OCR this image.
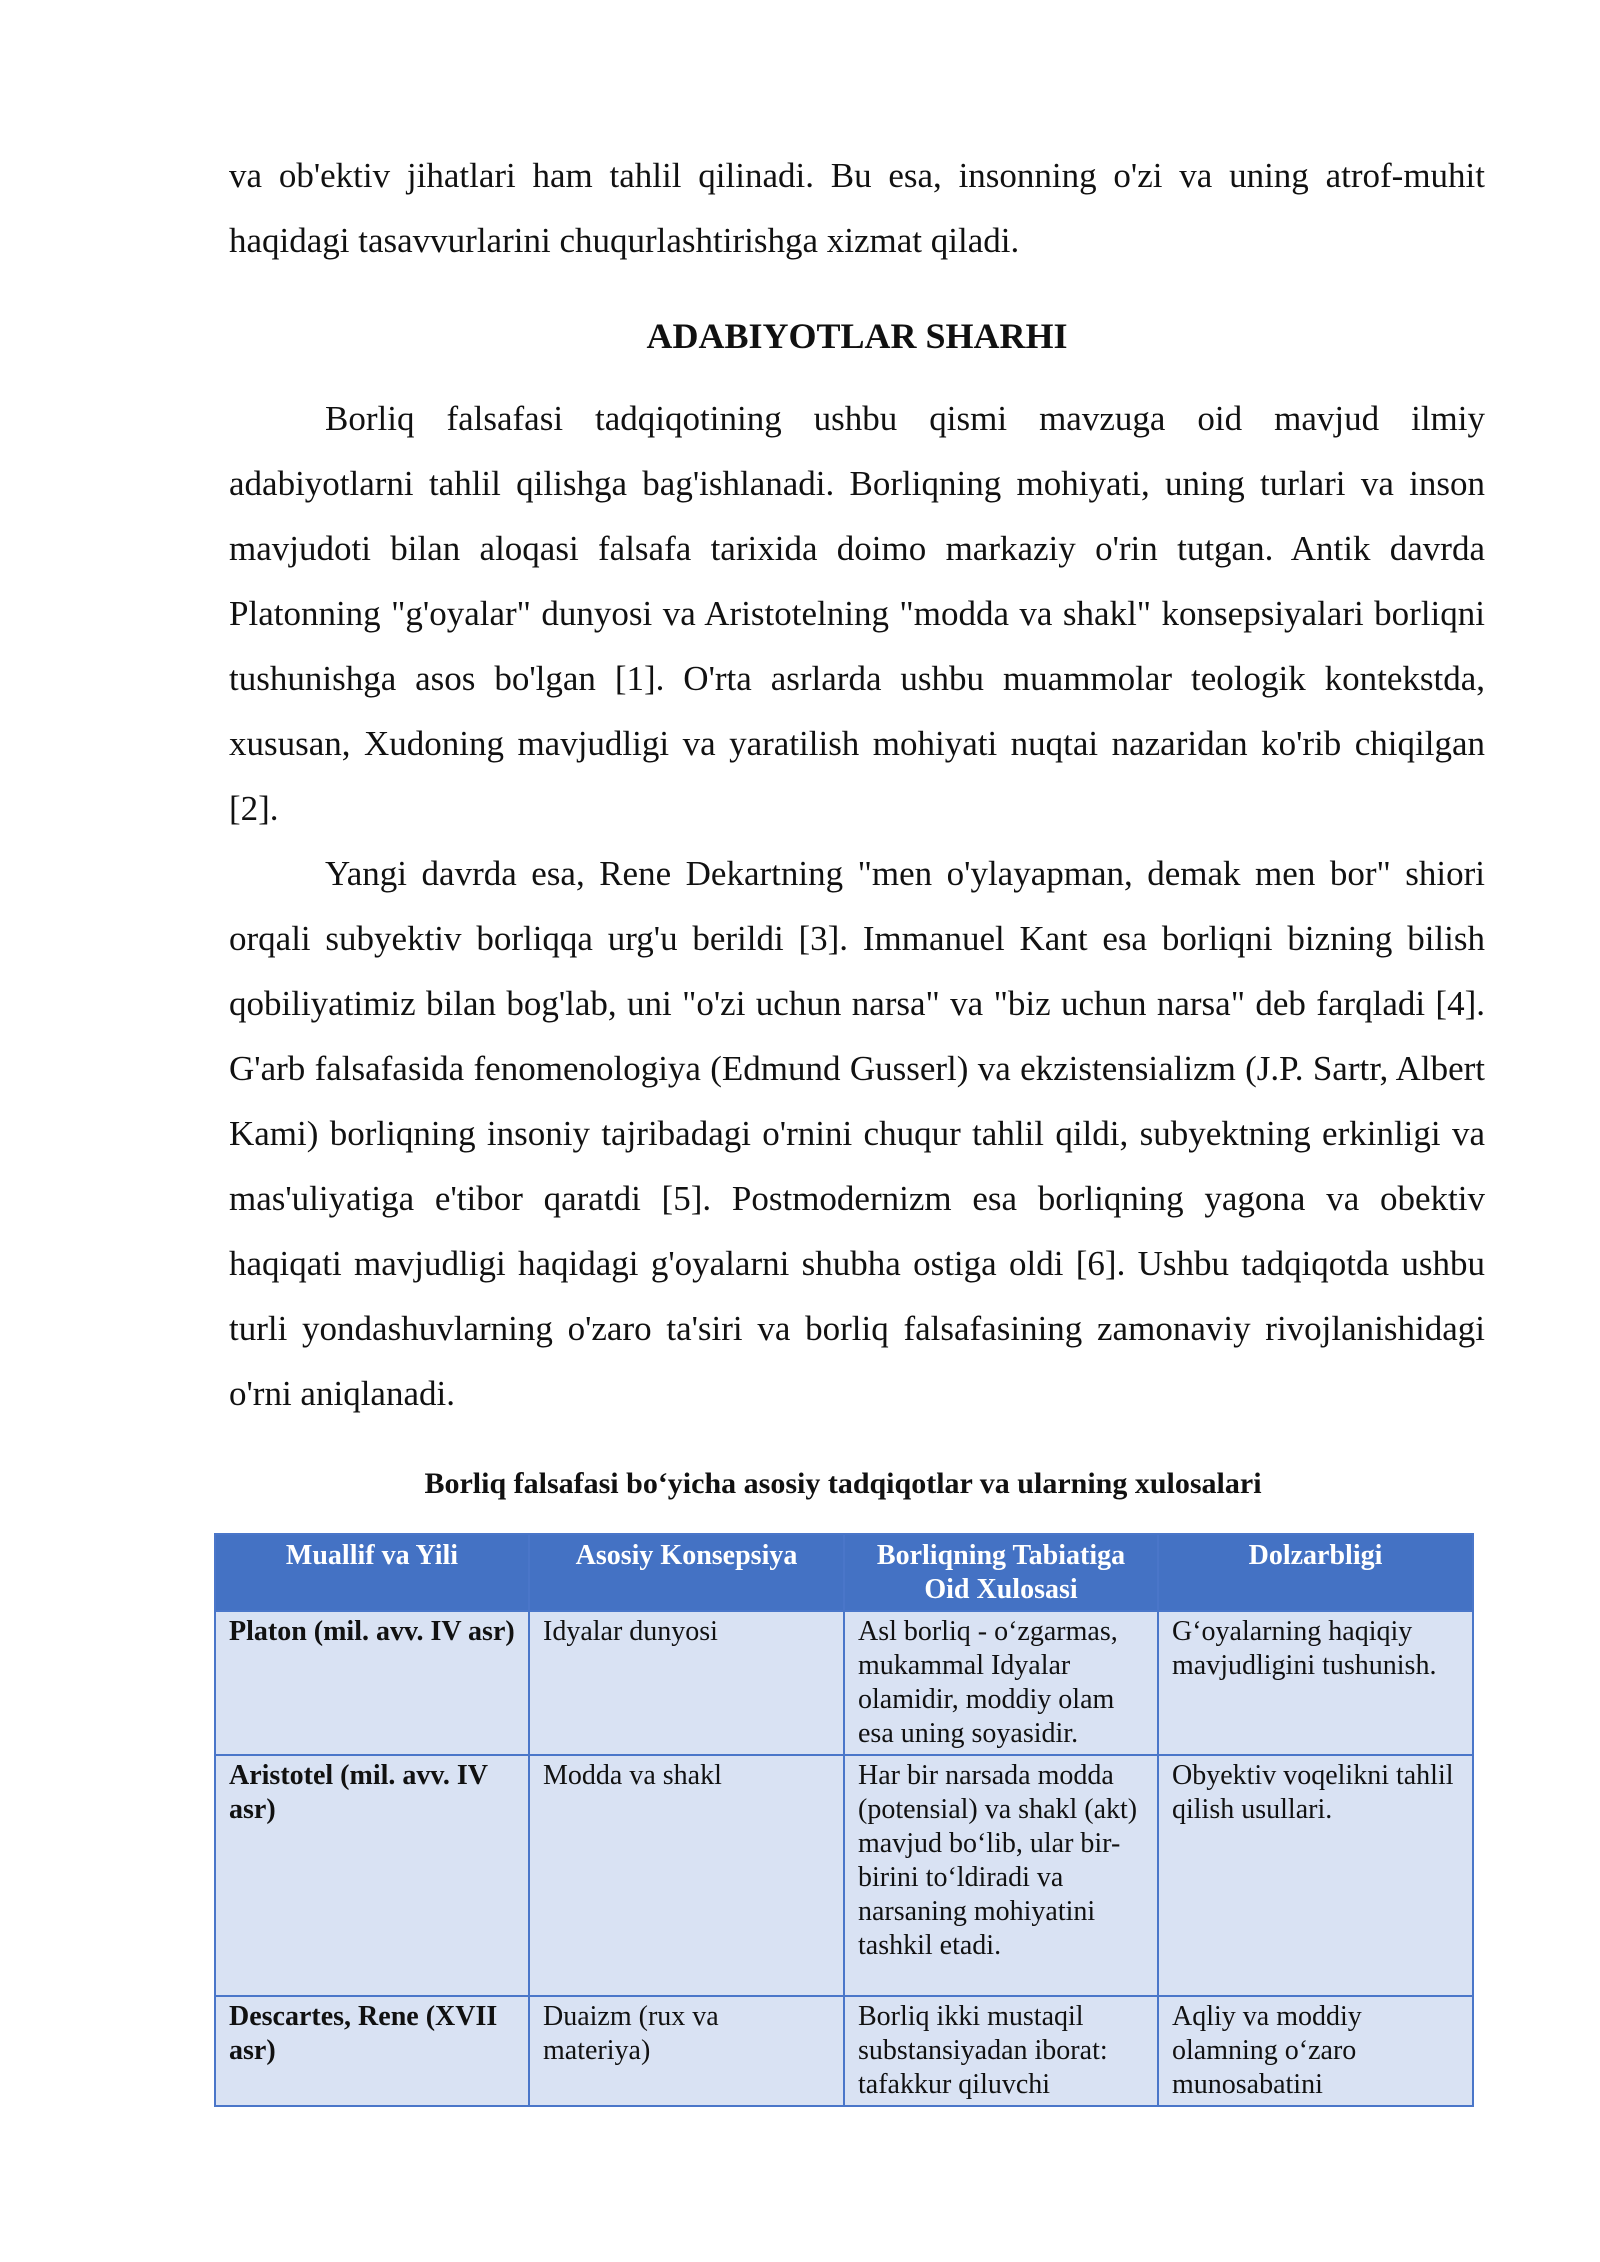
va ob'ektiv jihatlari ham tahlil qilinadi. Bu esa, insonning o'zi va uning atrof-muhit haqidagi tasavvurlarini chuqurlashtirishga xizmat qiladi.

ADABIYOTLAR SHARHI

Borliq falsafasi tadqiqotining ushbu qismi mavzuga oid mavjud ilmiy adabiyotlarni tahlil qilishga bag'ishlanadi. Borliqning mohiyati, uning turlari va inson mavjudoti bilan aloqasi falsafa tarixida doimo markaziy o'rin tutgan. Antik davrda Platonning "g'oyalar" dunyosi va Aristotelning "modda va shakl" konsepsiyalari borliqni tushunishga asos bo'lgan [1]. O'rta asrlarda ushbu muammolar teologik kontekstda, xususan, Xudoning mavjudligi va yaratilish mohiyati nuqtai nazaridan ko'rib chiqilgan [2].

Yangi davrda esa, Rene Dekartning "men o'ylayapman, demak men bor" shiori orqali subyektiv borliqqa urg'u berildi [3]. Immanuel Kant esa borliqni bizning bilish qobiliyatimiz bilan bog'lab, uni "o'zi uchun narsa" va "biz uchun narsa" deb farqladi [4]. G'arb falsafasida fenomenologiya (Edmund Gusserl) va ekzistensializm (J.P. Sartr, Albert Kami) borliqning insoniy tajribadagi o'rnini chuqur tahlil qildi, subyektning erkinligi va mas'uliyatiga e'tibor qaratdi [5]. Postmodernizm esa borliqning yagona va obektiv haqiqati mavjudligi haqidagi g'oyalarni shubha ostiga oldi [6]. Ushbu tadqiqotda ushbu turli yondashuvlarning o'zaro ta'siri va borliq falsafasining zamonaviy rivojlanishidagi o'rni aniqlanadi.

Borliq falsafasi bo‘yicha asosiy tadqiqotlar va ularning xulosalari

Muallif va Yili	Asosiy Konsepsiya	Borliqning Tabiatiga Oid Xulosasi	Dolzarbligi
Platon (mil. avv. IV asr)	Idyalar dunyosi	Asl borliq - o‘zgarmas, mukammal Idyalar olamidir, moddiy olam esa uning soyasidir.	G‘oyalarning haqiqiy mavjudligini tushunish.
Aristotel (mil. avv. IV asr)	Modda va shakl	Har bir narsada modda (potensial) va shakl (akt) mavjud bo‘lib, ular bir-birini to‘ldiradi va narsaning mohiyatini tashkil etadi.	Obyektiv voqelikni tahlil qilish usullari.
Descartes, Rene (XVII asr)	Duaizm (rux va materiya)	Borliq ikki mustaqil substansiyadan iborat: tafakkur qiluvchi	Aqliy va moddiy olamning o‘zaro munosabatini
